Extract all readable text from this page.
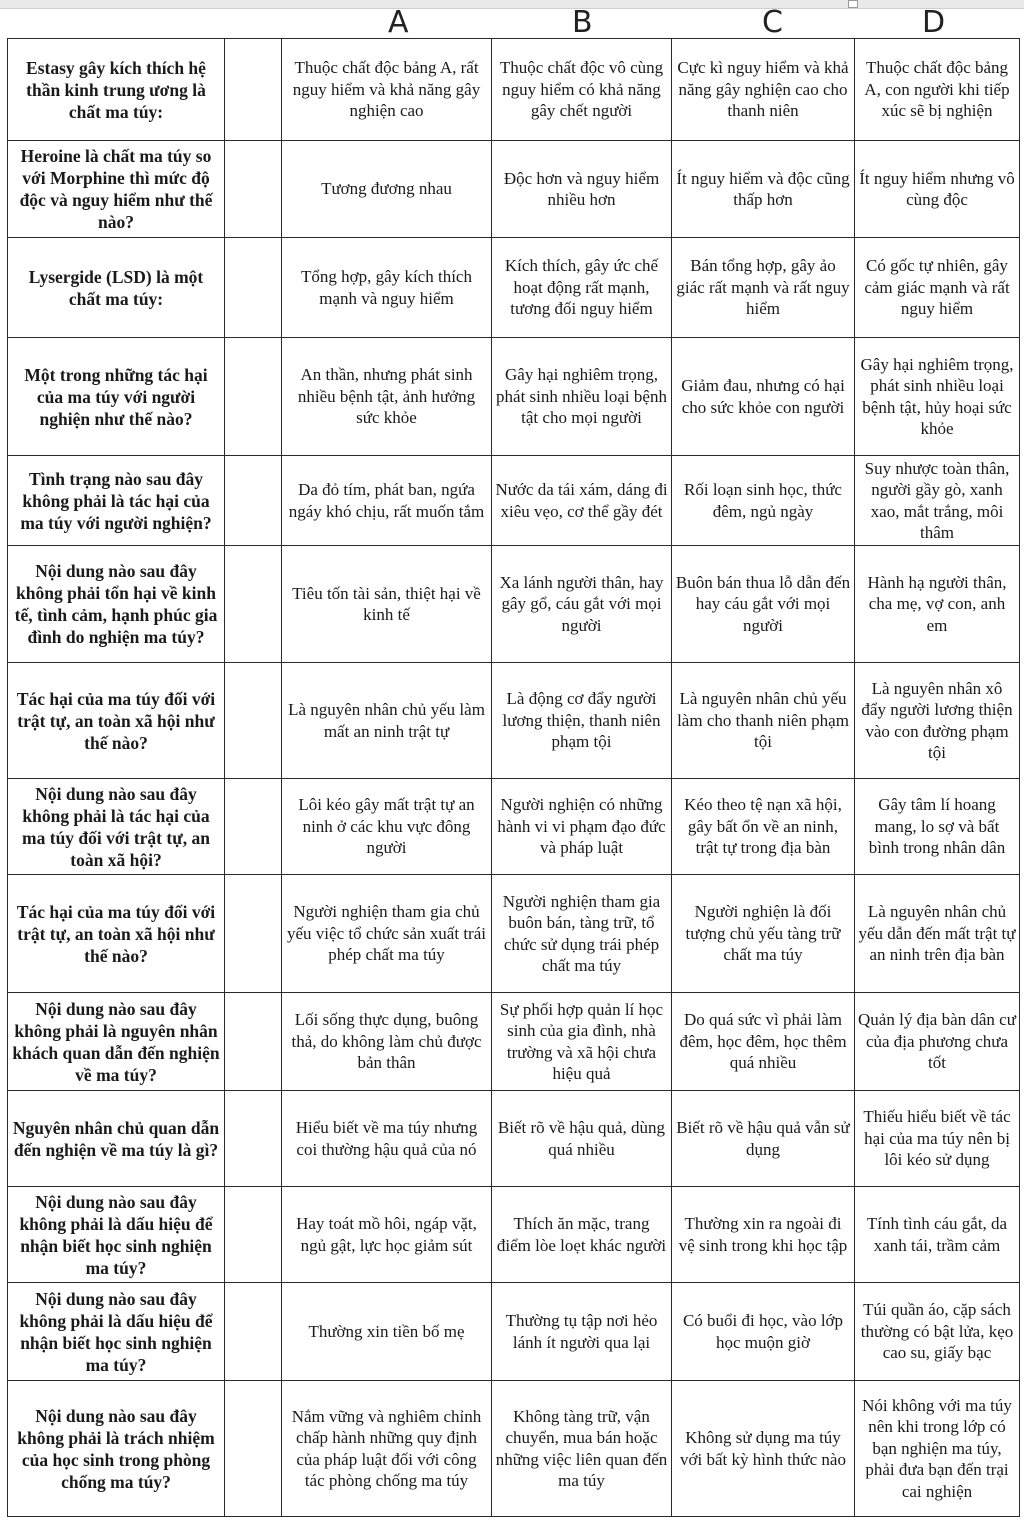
A	B	C	D
Estasy gây kích thích hệ thần kinh trung ương là chất ma túy:		Thuộc chất độc bảng A, rất nguy hiểm và khả năng gây nghiện cao	Thuộc chất độc vô cùng nguy hiểm có khả năng gây chết người	Cực kì nguy hiểm và khả năng gây nghiện cao cho thanh niên	Thuộc chất độc bảng A, con người khi tiếp xúc sẽ bị nghiện
Heroine là chất ma túy so với Morphine thì mức độ độc và nguy hiểm như thế nào?		Tương đương nhau	Độc hơn và nguy hiểm nhiều hơn	Ít nguy hiểm và độc cũng thấp hơn	Ít nguy hiểm nhưng vô cùng độc
Lysergide (LSD) là một chất ma túy:		Tổng hợp, gây kích thích mạnh và nguy hiểm	Kích thích, gây ức chế hoạt động rất mạnh, tương đối nguy hiểm	Bán tổng hợp, gây ảo giác rất mạnh và rất nguy hiểm	Có gốc tự nhiên, gây cảm giác mạnh và rất nguy hiểm
Một trong những tác hại của ma túy với người nghiện như thế nào?		An thần, nhưng phát sinh nhiều bệnh tật, ảnh hưởng sức khỏe	Gây hại nghiêm trọng, phát sinh nhiều loại bệnh tật cho mọi người	Giảm đau, nhưng có hại cho sức khỏe con người	Gây hại nghiêm trọng, phát sinh nhiều loại bệnh tật, hủy hoại sức khỏe
Tình trạng nào sau đây không phải là tác hại của ma túy với người nghiện?		Da đỏ tím, phát ban, ngứa ngáy khó chịu, rất muốn tắm	Nước da tái xám, dáng đi xiêu vẹo, cơ thể gầy đét	Rối loạn sinh học, thức đêm, ngủ ngày	Suy nhược toàn thân, người gầy gò, xanh xao, mắt trắng, môi thâm
Nội dung nào sau đây không phải tổn hại về kinh tế, tình cảm, hạnh phúc gia đình do nghiện ma túy?		Tiêu tốn tài sản, thiệt hại về kinh tế	Xa lánh người thân, hay gây gổ, cáu gắt với mọi người	Buôn bán thua lỗ dẫn đến hay cáu gắt với mọi người	Hành hạ người thân, cha mẹ, vợ con, anh em
Tác hại của ma túy đối với trật tự, an toàn xã hội như thế nào?		Là nguyên nhân chủ yếu làm mất an ninh trật tự	Là động cơ đẩy người lương thiện, thanh niên phạm tội	Là nguyên nhân chủ yếu làm cho thanh niên phạm tội	Là nguyên nhân xô đẩy người lương thiện vào con đường phạm tội
Nội dung nào sau đây không phải là tác hại của ma túy đối với trật tự, an toàn xã hội?		Lôi kéo gây mất trật tự an ninh ở các khu vực đông người	Người nghiện có những hành vi vi phạm đạo đức và pháp luật	Kéo theo tệ nạn xã hội, gây bất ổn về an ninh, trật tự trong địa bàn	Gây tâm lí hoang mang, lo sợ và bất bình trong nhân dân
Tác hại của ma túy đối với trật tự, an toàn xã hội như thế nào?		Người nghiện tham gia chủ yếu việc tổ chức sản xuất trái phép chất ma túy	Người nghiện tham gia buôn bán, tàng trữ, tổ chức sử dụng trái phép chất ma túy	Người nghiện là đối tượng chủ yếu tàng trữ chất ma túy	Là nguyên nhân chủ yếu dẫn đến mất trật tự an ninh trên địa bàn
Nội dung nào sau đây không phải là nguyên nhân khách quan dẫn đến nghiện về ma túy?		Lối sống thực dụng, buông thả, do không làm chủ được bản thân	Sự phối hợp quản lí học sinh của gia đình, nhà trường và xã hội chưa hiệu quả	Do quá sức vì phải làm đêm, học đêm, học thêm quá nhiều	Quản lý địa bàn dân cư của địa phương chưa tốt
Nguyên nhân chủ quan dẫn đến nghiện về ma túy là gì?		Hiểu biết về ma túy nhưng coi thường hậu quả của nó	Biết rõ về hậu quả, dùng quá nhiều	Biết rõ về hậu quả vẫn sử dụng	Thiếu hiểu biết về tác hại của ma túy nên bị lôi kéo sử dụng
Nội dung nào sau đây không phải là dấu hiệu để nhận biết học sinh nghiện ma túy?		Hay toát mồ hôi, ngáp vặt, ngủ gật, lực học giảm sút	Thích ăn mặc, trang điểm lòe loẹt khác người	Thường xin ra ngoài đi vệ sinh trong khi học tập	Tính tình cáu gắt, da xanh tái, trầm cảm
Nội dung nào sau đây không phải là dấu hiệu để nhận biết học sinh nghiện ma túy?		Thường xin tiền bố mẹ	Thường tụ tập nơi hẻo lánh ít người qua lại	Có buổi đi học, vào lớp học muộn giờ	Túi quần áo, cặp sách thường có bật lửa, kẹo cao su, giấy bạc
Nội dung nào sau đây không phải là trách nhiệm của học sinh trong phòng chống ma túy?		Nắm vững và nghiêm chỉnh chấp hành những quy định của pháp luật đối với công tác phòng chống ma túy	Không tàng trữ, vận chuyển, mua bán hoặc những việc liên quan đến ma túy	Không sử dụng ma túy với bất kỳ hình thức nào	Nói không với ma túy nên khi trong lớp có bạn nghiện ma túy, phải đưa bạn đến trại cai nghiện
